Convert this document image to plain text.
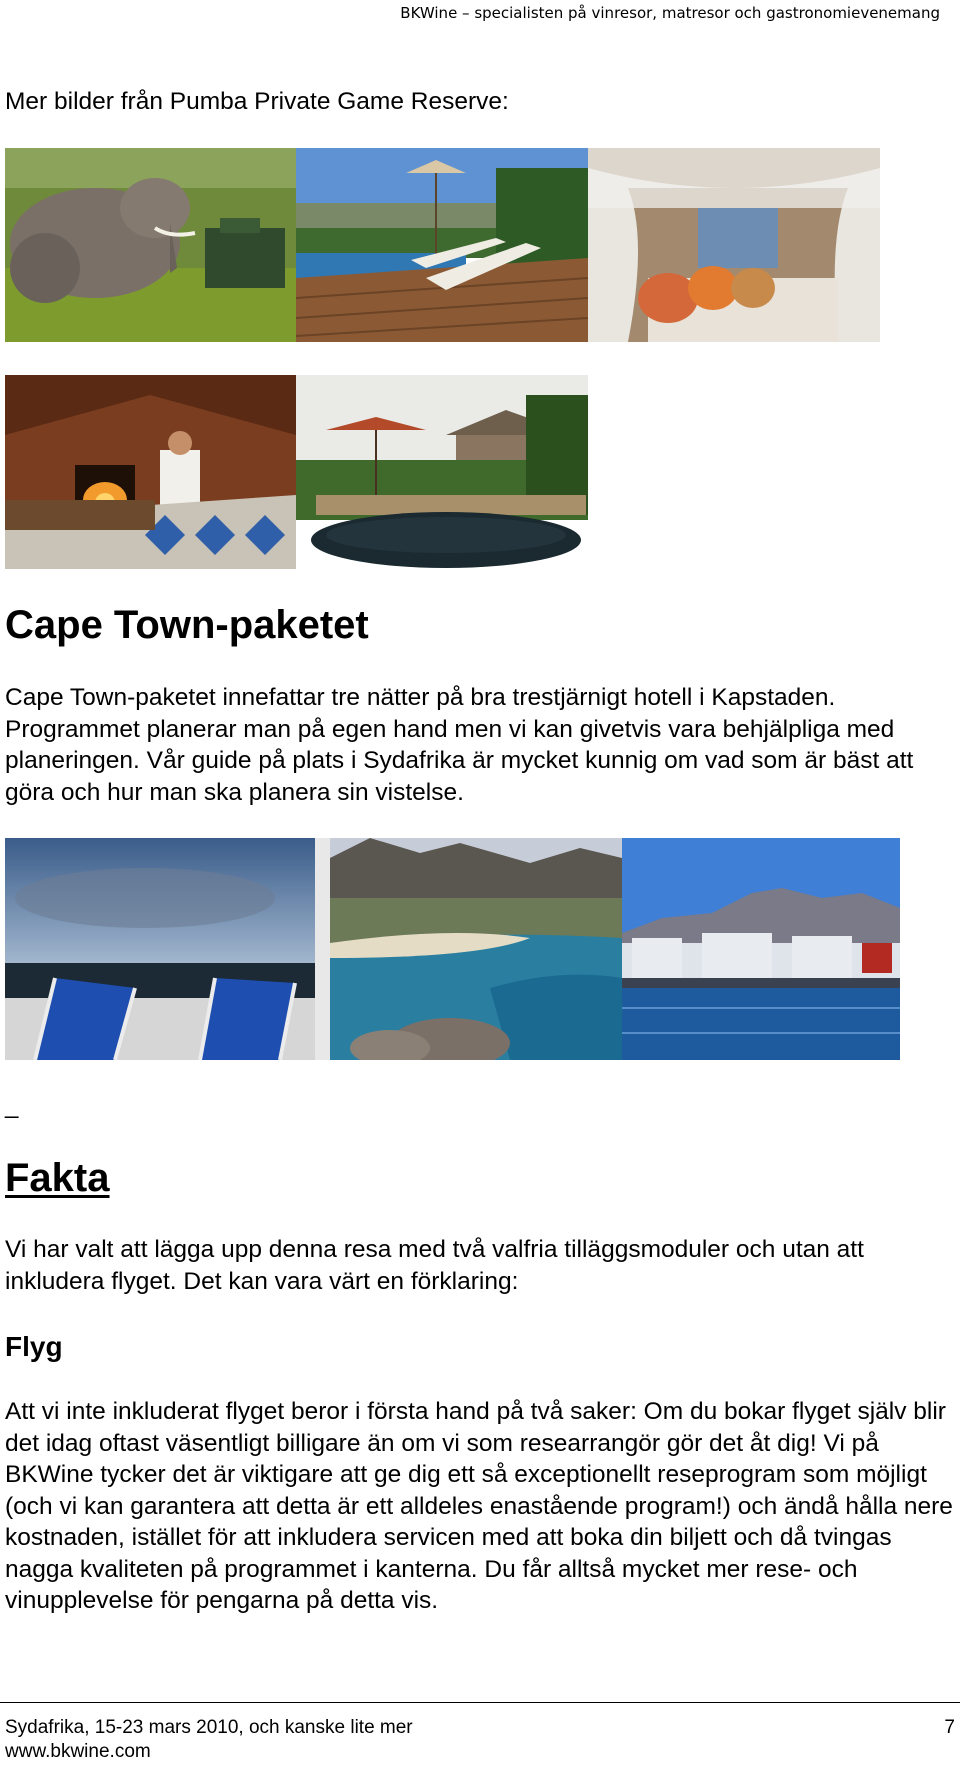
BKWine – specialisten på vinresor, matresor och gastronomievenemang

Mer bilder från Pumba Private Game Reserve:

Cape Town-paketet

Cape Town-paketet innefattar tre nätter på bra trestjärnigt hotell i Kapstaden. Programmet planerar man på egen hand men vi kan givetvis vara behjälpliga med planeringen. Vår guide på plats i Sydafrika är mycket kunnig om vad som är bäst att göra och hur man ska planera sin vistelse.

_
Fakta

Vi har valt att lägga upp denna resa med två valfria tilläggsmoduler och utan att inkludera flyget. Det kan vara värt en förklaring:

Flyg

Att vi inte inkluderat flyget beror i första hand på två saker: Om du bokar flyget själv blir det idag oftast väsentligt billigare än om vi som researrangör gör det åt dig! Vi på BKWine tycker det är viktigare att ge dig ett så exceptionellt reseprogram som möjligt (och vi kan garantera att detta är ett alldeles enastående program!) och ändå hålla nere kostnaden, istället för att inkludera servicen med att boka din biljett och då tvingas nagga kvaliteten på programmet i kanterna. Du får alltså mycket mer rese- och vinupplevelse för pengarna på detta vis.

Sydafrika, 15-23 mars 2010, och kanske lite mer	7
www.bkwine.com
